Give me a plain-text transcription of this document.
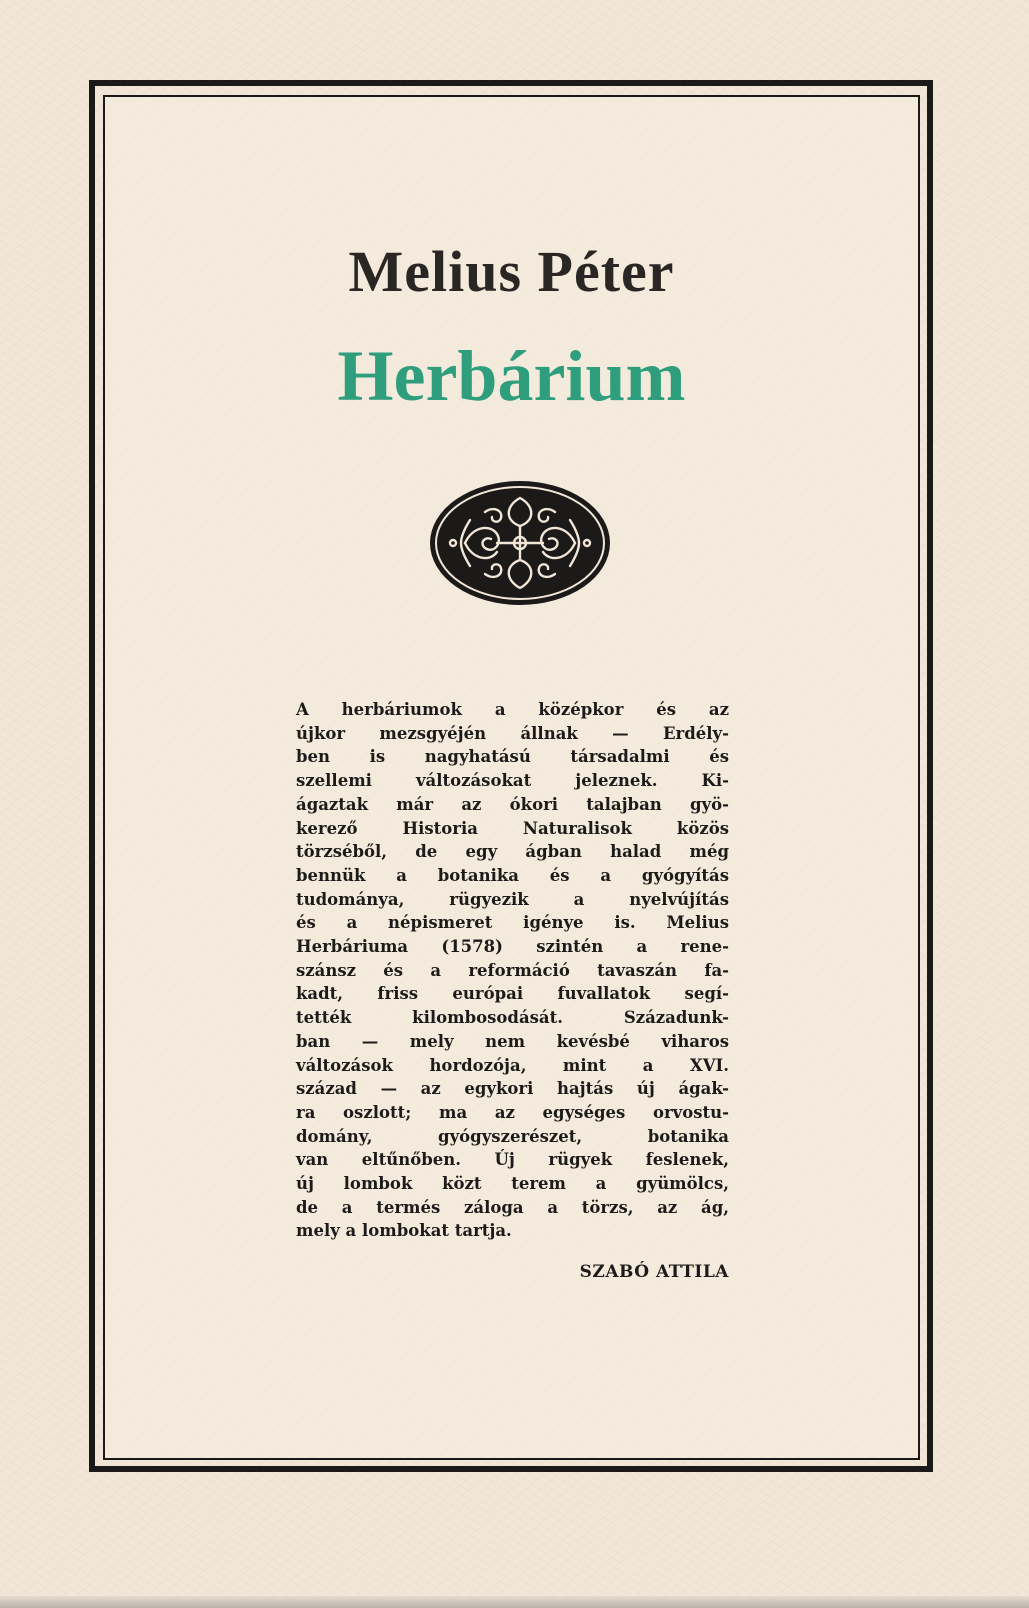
Melius Péter
Herbárium
A herbáriumok a középkor és az
újkor mezsgyéjén állnak — Erdély-
ben is nagyhatású társadalmi és
szellemi változásokat jeleznek. Ki-
ágaztak már az ókori talajban gyö-
kerező Historia Naturalisok közös
törzséből, de egy ágban halad még
bennük a botanika és a gyógyítás
tudománya, rügyezik a nyelvújítás
és a népismeret igénye is. Melius
Herbáriuma (1578) szintén a rene-
szánsz és a reformáció tavaszán fa-
kadt, friss európai fuvallatok segí-
tették kilombosodását. Századunk-
ban — mely nem kevésbé viharos
változások hordozója, mint a XVI.
század — az egykori hajtás új ágak-
ra oszlott; ma az egységes orvostu-
domány, gyógyszerészet, botanika
van eltűnőben. Új rügyek feslenek,
új lombok közt terem a gyümölcs,
de a termés záloga a törzs, az ág,
mely a lombokat tartja.

SZABÓ ATTILA
